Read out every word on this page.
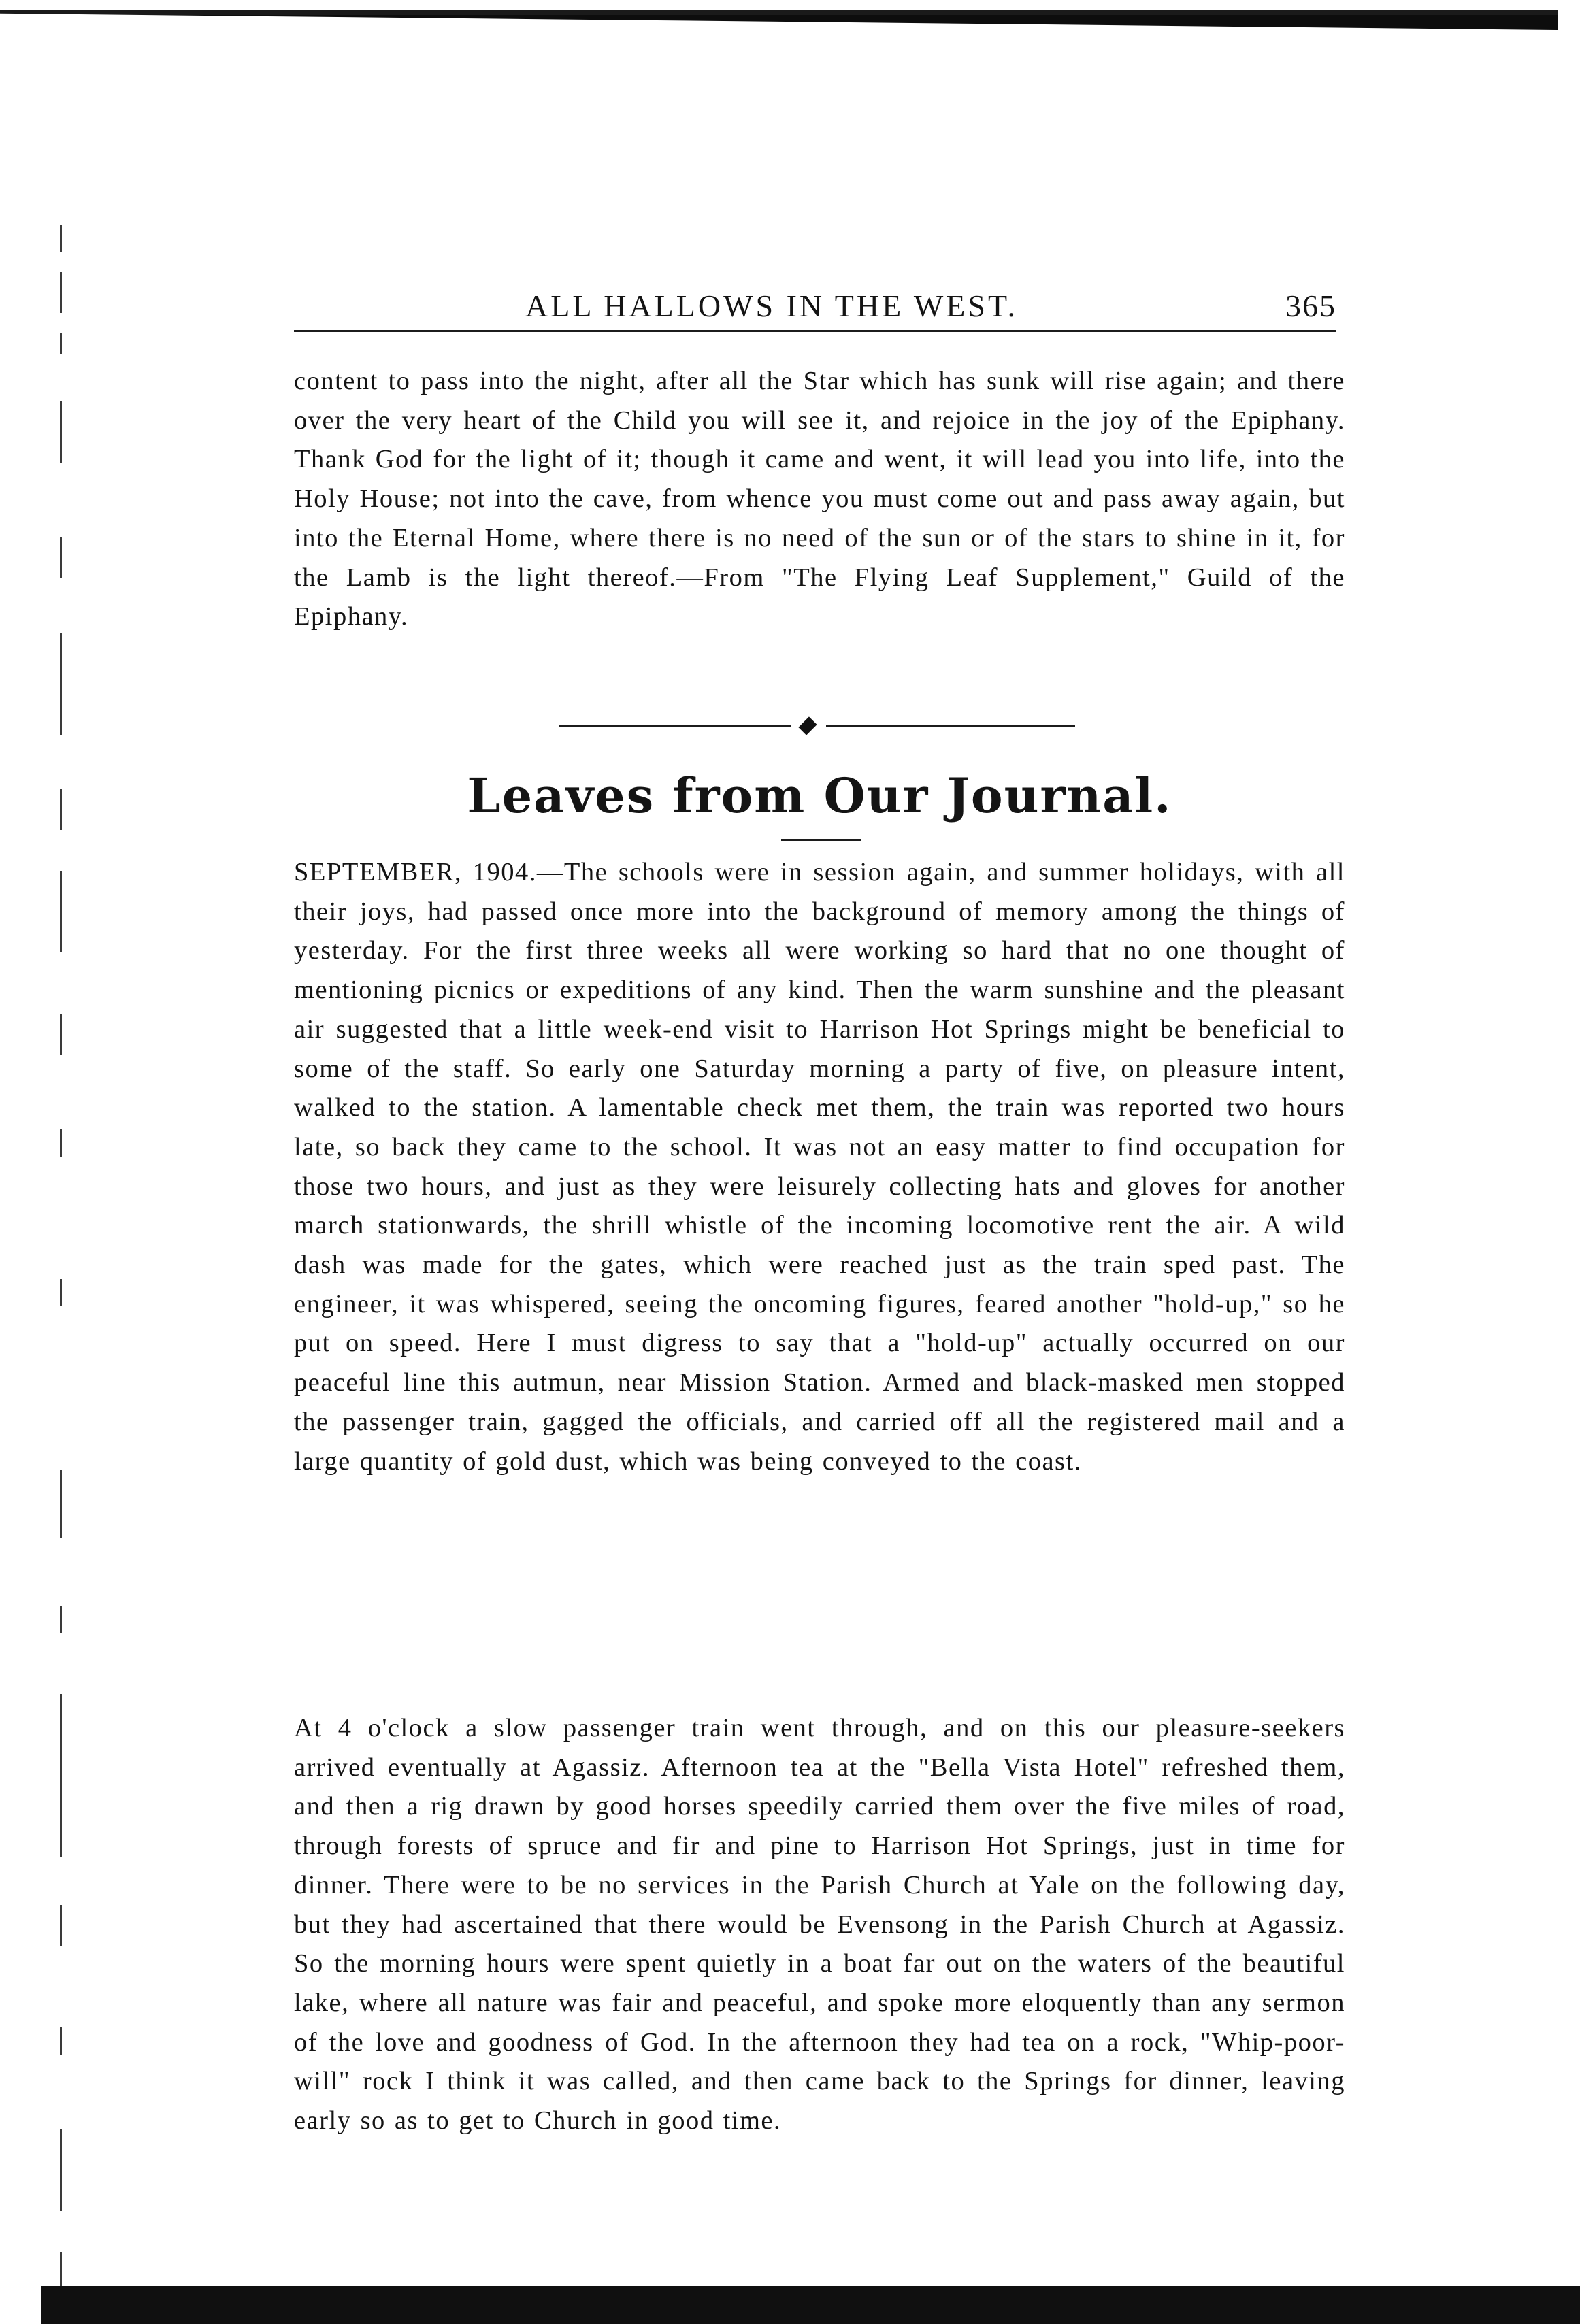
ALL HALLOWS IN THE WEST.	365

content to pass into the night, after all the Star which has sunk will rise again; and there over the very heart of the Child you will see it, and rejoice in the joy of the Epiphany. Thank God for the light of it; though it came and went, it will lead you into life, into the Holy House; not into the cave, from whence you must come out and pass away again, but into the Eternal Home, where there is no need of the sun or of the stars to shine in it, for the Lamb is the light thereof.—From "The Flying Leaf Supplement," Guild of the Epiphany.

Leaves from Our Journal.

SEPTEMBER, 1904.—The schools were in session again, and summer holidays, with all their joys, had passed once more into the background of memory among the things of yesterday. For the first three weeks all were working so hard that no one thought of mentioning picnics or expeditions of any kind. Then the warm sunshine and the pleasant air suggested that a little week-end visit to Harrison Hot Springs might be beneficial to some of the staff. So early one Saturday morning a party of five, on pleasure intent, walked to the station. A lamentable check met them, the train was reported two hours late, so back they came to the school. It was not an easy matter to find occupation for those two hours, and just as they were leisurely collecting hats and gloves for another march stationwards, the shrill whistle of the incoming locomotive rent the air. A wild dash was made for the gates, which were reached just as the train sped past. The engineer, it was whispered, seeing the oncoming figures, feared another "hold-up," so he put on speed. Here I must digress to say that a "hold-up" actually occurred on our peaceful line this autmun, near Mission Station. Armed and black-masked men stopped the passenger train, gagged the officials, and carried off all the registered mail and a large quantity of gold dust, which was being conveyed to the coast.

At 4 o'clock a slow passenger train went through, and on this our pleasure-seekers arrived eventually at Agassiz. Afternoon tea at the "Bella Vista Hotel" refreshed them, and then a rig drawn by good horses speedily carried them over the five miles of road, through forests of spruce and fir and pine to Harrison Hot Springs, just in time for dinner. There were to be no services in the Parish Church at Yale on the following day, but they had ascertained that there would be Evensong in the Parish Church at Agassiz. So the morning hours were spent quietly in a boat far out on the waters of the beautiful lake, where all nature was fair and peaceful, and spoke more eloquently than any sermon of the love and goodness of God. In the afternoon they had tea on a rock, "Whip-poor-will" rock I think it was called, and then came back to the Springs for dinner, leaving early so as to get to Church in good time.
